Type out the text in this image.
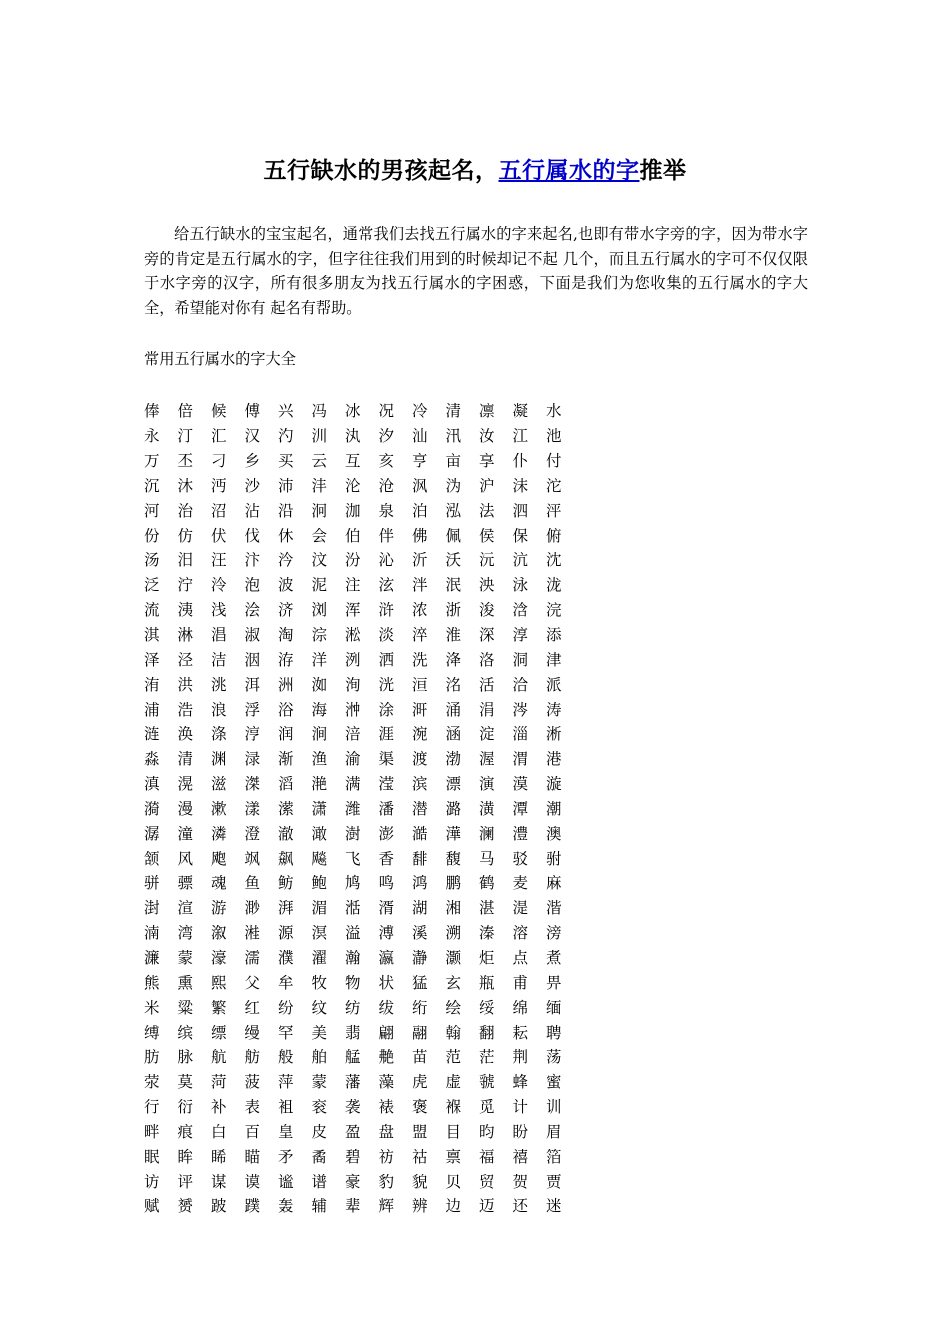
五行缺水的男孩起名，五行属水的字推举

给五行缺水的宝宝起名，通常我们去找五行属水的字来起名,也即有带水字旁的字，因为带水字旁的肯定是五行属水的字，但字往往我们用到的时候却记不起 几个，而且五行属水的字可不仅仅限于水字旁的汉字，所有很多朋友为找五行属水的字困惑，下面是我们为您收集的五行属水的字大全，希望能对你有 起名有帮助。

常用五行属水的字大全

俸	倍	候	傅	兴	冯	冰	况	冷	清	凛	凝	水
永	汀	汇	汉	汋	汌	汍	汐	汕	汛	汝	江	池
万	丕	刁	乡	买	云	互	亥	亨	亩	享	仆	付
沉	沐	沔	沙	沛	沣	沦	沧	沨	沩	沪	沫	沱
河	治	沼	沾	沿	泂	泇	泉	泊	泓	法	泗	泙
份	仿	伏	伐	休	会	伯	伴	佛	佩	侯	保	俯
汤	汨	汪	汴	汵	汶	汾	沁	沂	沃	沅	沆	沈
泛	泞	泠	泡	波	泥	注	泫	泮	泯	泱	泳	泷
流	洟	浅	浍	济	浏	浑	浒	浓	浙	浚	浛	浣
淇	淋	淐	淑	淘	淙	淞	淡	淬	淮	深	淳	添
泽	泾	洁	洇	洊	洋	洌	洒	洗	洚	洛	洞	津
洧	洪	洮	洱	洲	洳	洵	洸	洹	洺	活	洽	派
浦	浩	浪	浮	浴	海	浺	涂	涆	涌	涓	涔	涛
涟	涣	涤	涥	润	涧	涪	涯	涴	涵	淀	淄	淅
淼	清	渊	渌	渐	渔	渝	渠	渡	渤	渥	渭	港
滇	滉	滋	滐	滔	滟	满	滢	滨	漂	演	漠	漩
漪	漫	漱	漾	潆	潇	潍	潘	潜	潞	潢	潭	潮
潺	潼	潾	澄	澈	澉	澍	澎	澔	澕	澜	澧	澳
颔	风	飑	飒	飙	飚	飞	香	馡	馥	马	驳	驸
骈	骠	魂	鱼	鲂	鲍	鸠	鸣	鸿	鹏	鹤	麦	麻
湗	渲	游	渺	湃	湄	湉	湑	湖	湘	湛	湜	湝
湳	湾	溆	溎	源	溟	溢	溥	溪	溯	溱	溶	滂
濂	蒙	濠	濡	濮	濯	瀚	瀛	瀞	灏	炬	点	煮
熊	熏	熙	父	牟	牧	物	状	猛	玄	瓶	甫	畀
米	粱	繁	红	纷	纹	纺	绂	绗	绘	绥	绵	缅
缚	缤	缥	缦	罕	美	翡	翩	翮	翰	翻	耘	聘
肪	脉	航	舫	般	舶	艋	艴	苗	范	茫	荆	荡
荥	莫	菏	菠	萍	蒙	藩	藻	虎	虚	虢	蜂	蜜
行	衍	补	表	袓	衮	袭	裱	褒	褓	觅	计	训
畔	痕	白	百	皇	皮	盈	盘	盟	目	昀	盼	眉
眠	眸	睎	瞄	矛	矞	碧	祊	祜	禀	福	禧	箔
访	评	谋	谟	谧	谱	豪	豹	貌	贝	贸	贺	贾
赋	赟	跛	蹼	轰	辅	辈	辉	辨	边	迈	还	迷
